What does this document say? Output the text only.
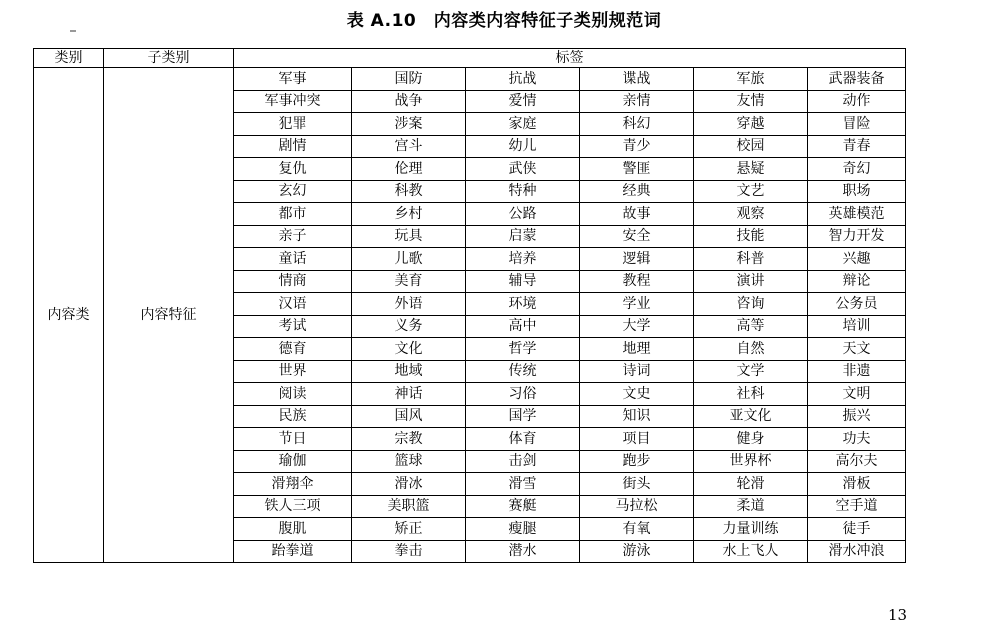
表 A.10　内容类内容特征子类别规范词
类别	子类别	标签					
内容类	内容特征	军事	国防	抗战	谍战	军旅	武器装备
		军事冲突	战争	爱情	亲情	友情	动作
		犯罪	涉案	家庭	科幻	穿越	冒险
		剧情	宫斗	幼儿	青少	校园	青春
		复仇	伦理	武侠	警匪	悬疑	奇幻
		玄幻	科教	特种	经典	文艺	职场
		都市	乡村	公路	故事	观察	英雄模范
		亲子	玩具	启蒙	安全	技能	智力开发
		童话	儿歌	培养	逻辑	科普	兴趣
		情商	美育	辅导	教程	演讲	辩论
		汉语	外语	环境	学业	咨询	公务员
		考试	义务	高中	大学	高等	培训
		德育	文化	哲学	地理	自然	天文
		世界	地域	传统	诗词	文学	非遗
		阅读	神话	习俗	文史	社科	文明
		民族	国风	国学	知识	亚文化	振兴
		节日	宗教	体育	项目	健身	功夫
		瑜伽	篮球	击剑	跑步	世界杯	高尔夫
		滑翔伞	滑冰	滑雪	街头	轮滑	滑板
		铁人三项	美职篮	赛艇	马拉松	柔道	空手道
		腹肌	矫正	瘦腿	有氧	力量训练	徒手
		跆拳道	拳击	潜水	游泳	水上飞人	滑水冲浪
13
